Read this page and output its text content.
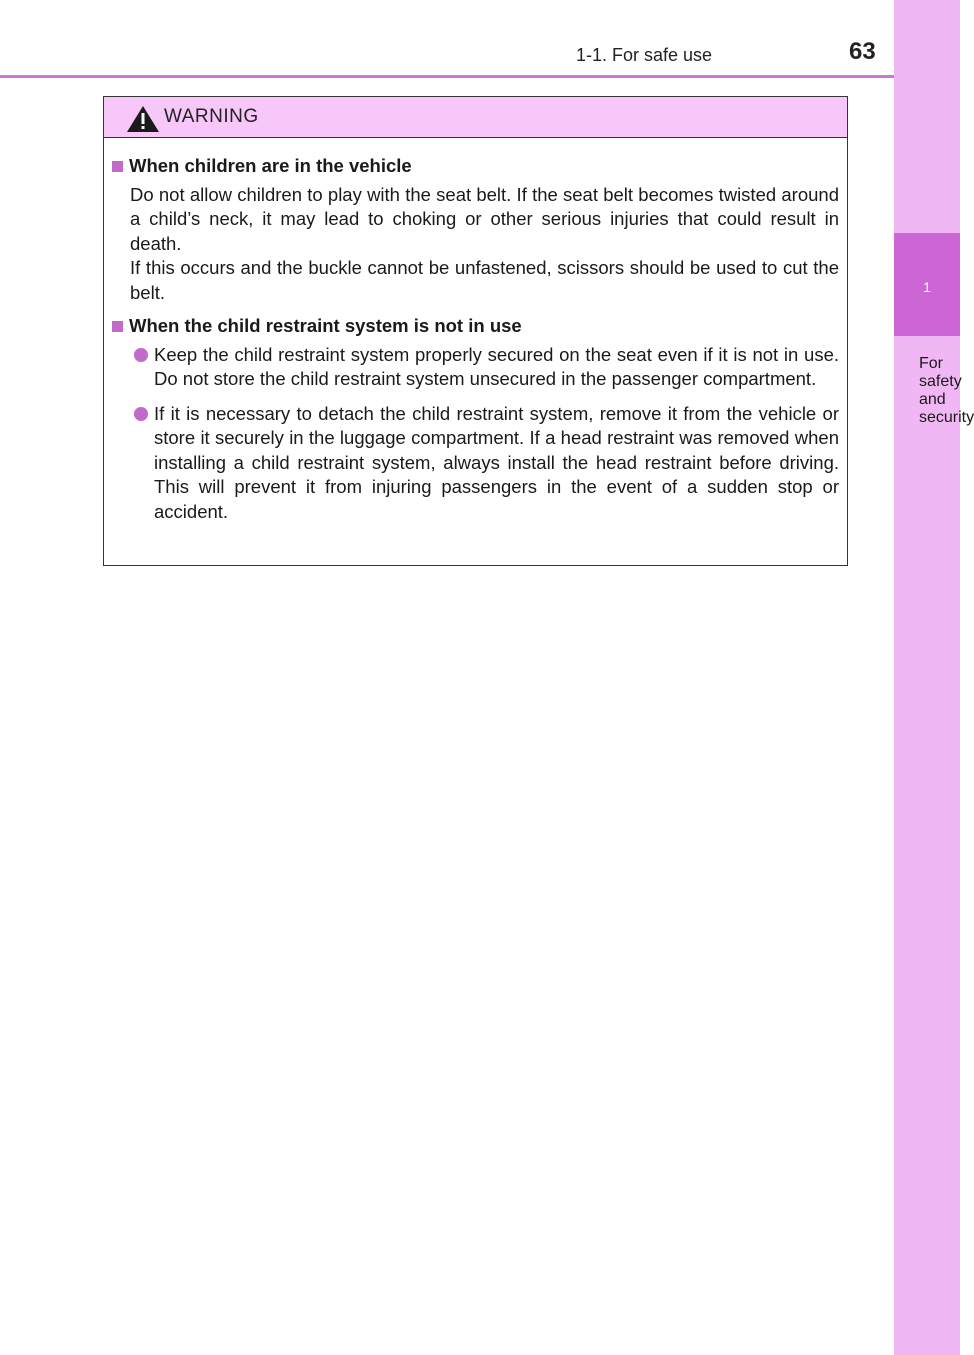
1
For safety and security
1-1. For safe use	63
WARNING
When children are in the vehicle

Do not allow children to play with the seat belt. If the seat belt becomes twisted around a child’s neck, it may lead to choking or other serious injuries that could result in death.

If this occurs and the buckle cannot be unfastened, scissors should be used to cut the belt.

When the child restraint system is not in use
Keep the child restraint system properly secured on the seat even if it is not in use. Do not store the child restraint system unsecured in the passenger compartment.
If it is necessary to detach the child restraint system, remove it from the vehicle or store it securely in the luggage compartment. If a head restraint was removed when installing a child restraint system, always install the head restraint before driving. This will prevent it from injuring passengers in the event of a sudden stop or accident.
